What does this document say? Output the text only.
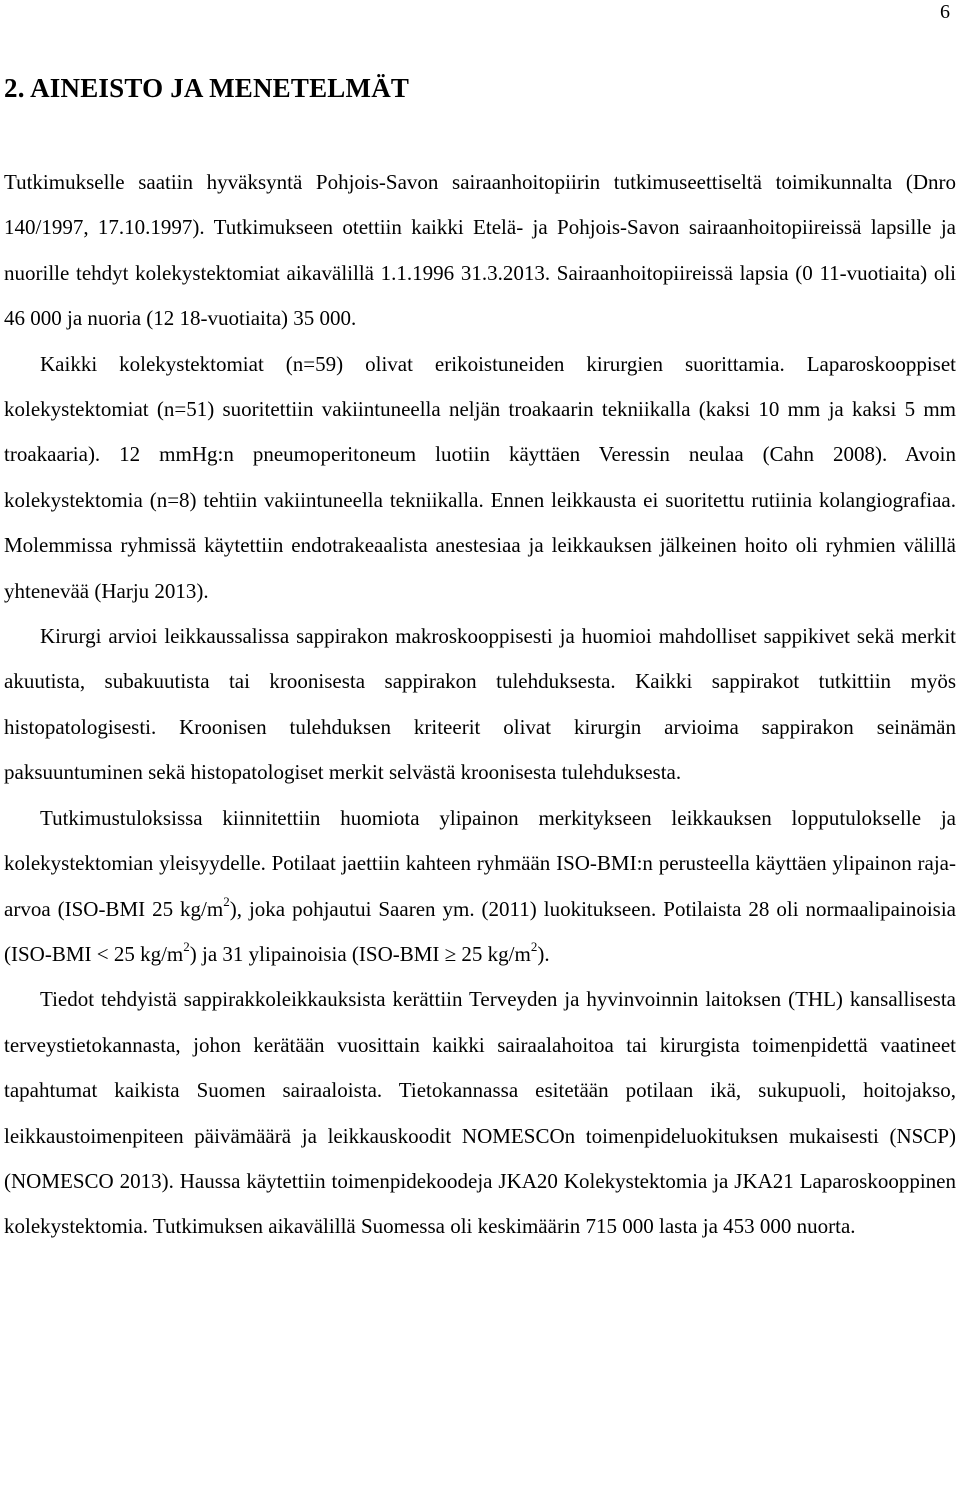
6
2. AINEISTO JA MENETELMÄT

Tutkimukselle saatiin hyväksyntä Pohjois-Savon sairaanhoitopiirin tutkimuseettiseltä toimikunnalta (Dnro 140/1997, 17.10.1997). Tutkimukseen otettiin kaikki Etelä- ja Pohjois-Savon sairaanhoitopiireissä lapsille ja nuorille tehdyt kolekystektomiat aikavälillä 1.1.1996 31.3.2013. Sairaanhoitopiireissä lapsia (0 11-vuotiaita) oli 46 000 ja nuoria (12 18-vuotiaita) 35 000.

Kaikki kolekystektomiat (n=59) olivat erikoistuneiden kirurgien suorittamia. Laparoskooppiset kolekystektomiat (n=51) suoritettiin vakiintuneella neljän troakaarin tekniikalla (kaksi 10 mm ja kaksi 5 mm troakaaria). 12 mmHg:n pneumoperitoneum luotiin käyttäen Veressin neulaa (Cahn 2008). Avoin kolekystektomia (n=8) tehtiin vakiintuneella tekniikalla. Ennen leikkausta ei suoritettu rutiinia kolangiografiaa. Molemmissa ryhmissä käytettiin endotrakeaalista anestesiaa ja leikkauksen jälkeinen hoito oli ryhmien välillä yhtenevää (Harju 2013).

Kirurgi arvioi leikkaussalissa sappirakon makroskooppisesti ja huomioi mahdolliset sappikivet sekä merkit akuutista, subakuutista tai kroonisesta sappirakon tulehduksesta. Kaikki sappirakot tutkittiin myös histopatologisesti. Kroonisen tulehduksen kriteerit olivat kirurgin arvioima sappirakon seinämän paksuuntuminen sekä histopatologiset merkit selvästä kroonisesta tulehduksesta.

Tutkimustuloksissa kiinnitettiin huomiota ylipainon merkitykseen leikkauksen lopputulokselle ja kolekystektomian yleisyydelle. Potilaat jaettiin kahteen ryhmään ISO-BMI:n perusteella käyttäen ylipainon raja-arvoa (ISO-BMI 25 $kg/m^2$), joka pohjautui Saaren ym. (2011) luokitukseen. Potilaista 28 oli normaalipainoisia (ISO-BMI < 25 $kg/m^2$) ja 31 ylipainoisia (ISO-BMI ≥ 25 $kg/m^2$).

Tiedot tehdyistä sappirakkoleikkauksista kerättiin Terveyden ja hyvinvoinnin laitoksen (THL) kansallisesta terveystietokannasta, johon kerätään vuosittain kaikki sairaalahoitoa tai kirurgista toimenpidettä vaatineet tapahtumat kaikista Suomen sairaaloista. Tietokannassa esitetään potilaan ikä, sukupuoli, hoitojakso, leikkaustoimenpiteen päivämäärä ja leikkauskoodit NOMESCOn toimenpideluokituksen mukaisesti (NSCP) (NOMESCO 2013). Haussa käytettiin toimenpidekoodeja JKA20 Kolekystektomia ja JKA21 Laparoskooppinen kolekystektomia. Tutkimuksen aikavälillä Suomessa oli keskimäärin 715 000 lasta ja 453 000 nuorta.
